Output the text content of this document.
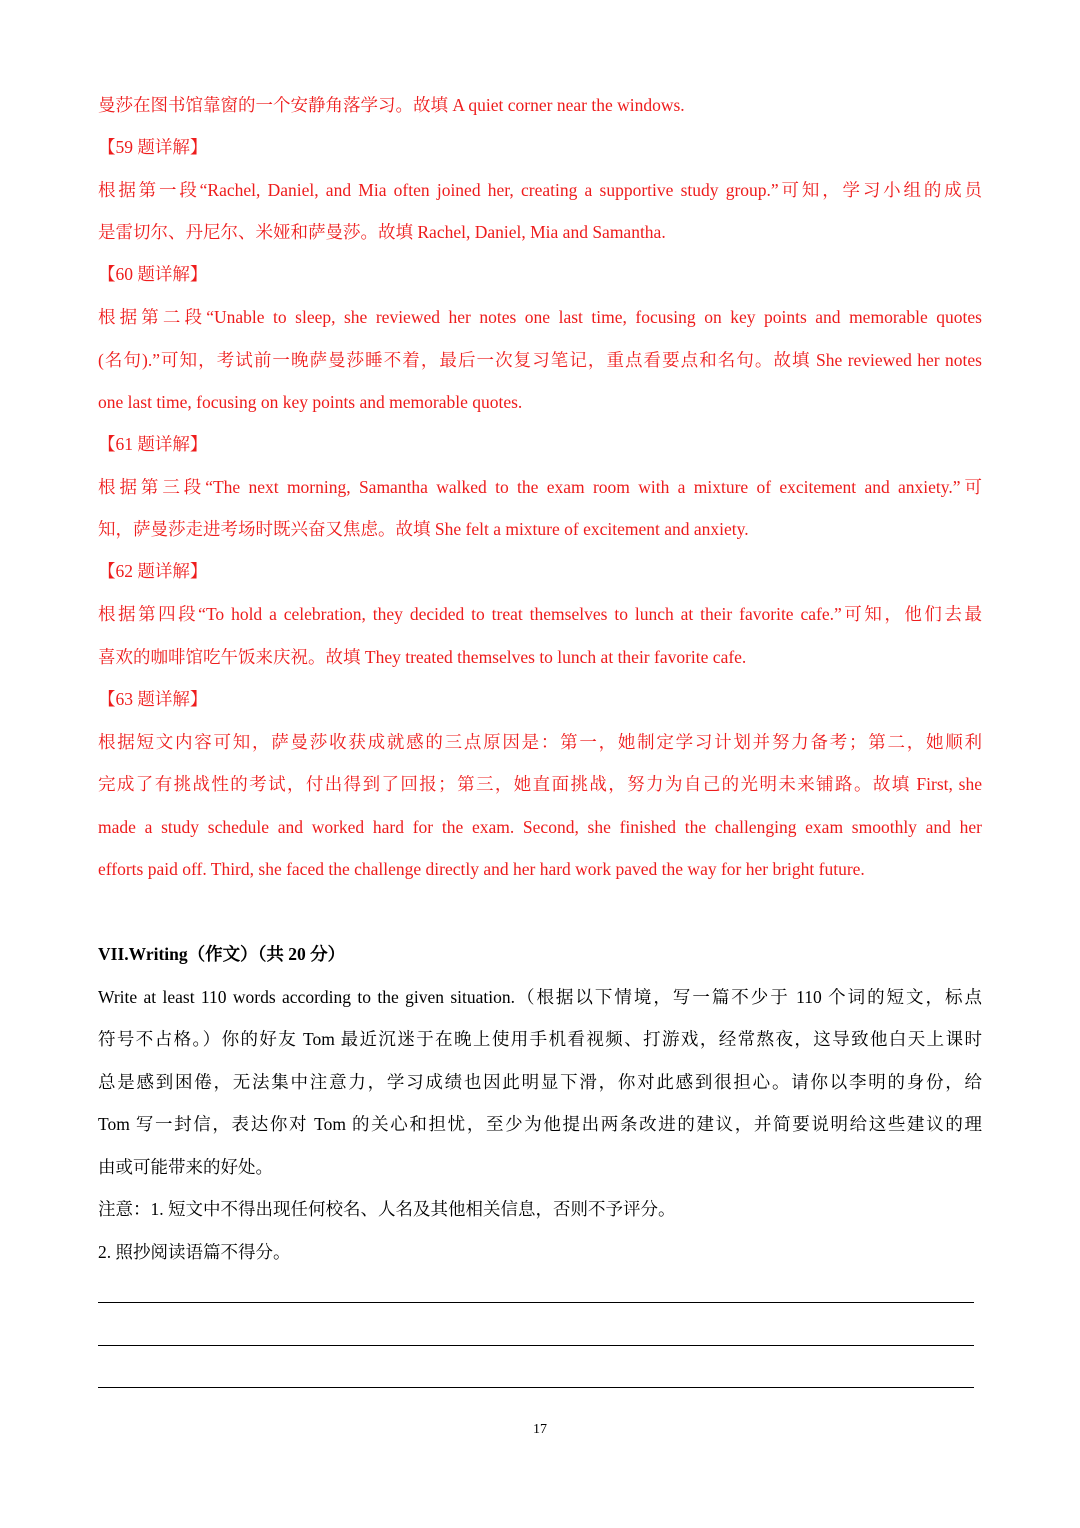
曼莎在图书馆靠窗的一个安静角落学习。故填 A quiet corner near the windows.
【59 题详解】
根据第一段“Rachel, Daniel, and Mia often joined her, creating a supportive study group.”可知，学习小组的成员
是雷切尔、丹尼尔、米娅和萨曼莎。故填 Rachel, Daniel, Mia and Samantha.
【60 题详解】
根据第二段“Unable to sleep, she reviewed her notes one last time, focusing on key points and memorable quotes
(名句).”可知，考试前一晚萨曼莎睡不着，最后一次复习笔记，重点看要点和名句。故填 She reviewed her notes
one last time, focusing on key points and memorable quotes.
【61 题详解】
根据第三段“The next morning, Samantha walked to the exam room with a mixture of excitement and anxiety.”可
知，萨曼莎走进考场时既兴奋又焦虑。故填 She felt a mixture of excitement and anxiety.
【62 题详解】
根据第四段“To hold a celebration, they decided to treat themselves to lunch at their favorite cafe.”可知，他们去最
喜欢的咖啡馆吃午饭来庆祝。故填 They treated themselves to lunch at their favorite cafe.
【63 题详解】
根据短文内容可知，萨曼莎收获成就感的三点原因是：第一，她制定学习计划并努力备考；第二，她顺利
完成了有挑战性的考试，付出得到了回报；第三，她直面挑战，努力为自己的光明未来铺路。故填 First, she
made a study schedule and worked hard for the exam. Second, she finished the challenging exam smoothly and her
efforts paid off. Third, she faced the challenge directly and her hard work paved the way for her bright future.
VII.Writing（作文）（共 20 分）
Write at least 110 words according to the given situation.（根据以下情境，写一篇不少于 110 个词的短文，标点
符号不占格。）你的好友 Tom 最近沉迷于在晚上使用手机看视频、打游戏，经常熬夜，这导致他白天上课时
总是感到困倦，无法集中注意力，学习成绩也因此明显下滑，你对此感到很担心。请你以李明的身份，给
Tom 写一封信，表达你对 Tom 的关心和担忧，至少为他提出两条改进的建议，并简要说明给这些建议的理
由或可能带来的好处。
注意：1. 短文中不得出现任何校名、人名及其他相关信息，否则不予评分。
2. 照抄阅读语篇不得分。
17
